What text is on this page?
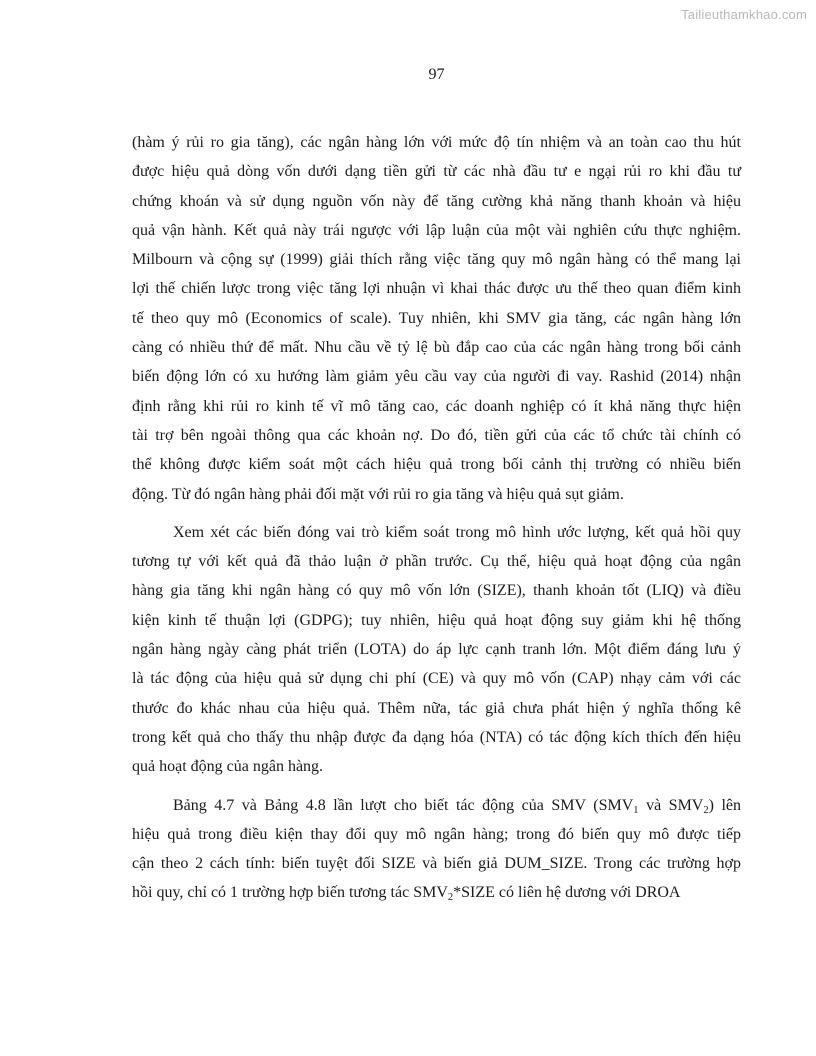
Tailieuthamkhao.com
97
(hàm ý rủi ro gia tăng), các ngân hàng lớn với mức độ tín nhiệm và an toàn cao thu hút
được hiệu quả dòng vốn dưới dạng tiền gửi từ các nhà đầu tư e ngại rủi ro khi đầu tư
chứng khoán và sử dụng nguồn vốn này để tăng cường khả năng thanh khoản và hiệu
quả vận hành. Kết quả này trái ngược với lập luận của một vài nghiên cứu thực nghiệm.
Milbourn và cộng sự (1999) giải thích rằng việc tăng quy mô ngân hàng có thể mang lại
lợi thế chiến lược trong việc tăng lợi nhuận vì khai thác được ưu thế theo quan điểm kinh
tế theo quy mô (Economics of scale). Tuy nhiên, khi SMV gia tăng, các ngân hàng lớn
càng có nhiều thứ để mất. Nhu cầu về tỷ lệ bù đắp cao của các ngân hàng trong bối cảnh
biến động lớn có xu hướng làm giảm yêu cầu vay của người đi vay. Rashid (2014) nhận
định rằng khi rủi ro kinh tế vĩ mô tăng cao, các doanh nghiệp có ít khả năng thực hiện
tài trợ bên ngoài thông qua các khoản nợ. Do đó, tiền gửi của các tổ chức tài chính có
thể không được kiểm soát một cách hiệu quả trong bối cảnh thị trường có nhiều biến
động. Từ đó ngân hàng phải đối mặt với rủi ro gia tăng và hiệu quả sụt giảm.
Xem xét các biến đóng vai trò kiểm soát trong mô hình ước lượng, kết quả hồi quy
tương tự với kết quả đã thảo luận ở phần trước. Cụ thể, hiệu quả hoạt động của ngân
hàng gia tăng khi ngân hàng có quy mô vốn lớn (SIZE), thanh khoản tốt (LIQ) và điều
kiện kinh tế thuận lợi (GDPG); tuy nhiên, hiệu quả hoạt động suy giảm khi hệ thống
ngân hàng ngày càng phát triển (LOTA) do áp lực cạnh tranh lớn. Một điểm đáng lưu ý
là tác động của hiệu quả sử dụng chi phí (CE) và quy mô vốn (CAP) nhạy cảm với các
thước đo khác nhau của hiệu quả. Thêm nữa, tác giả chưa phát hiện ý nghĩa thống kê
trong kết quả cho thấy thu nhập được đa dạng hóa (NTA) có tác động kích thích đến hiệu
quả hoạt động của ngân hàng.
Bảng 4.7 và Bảng 4.8 lần lượt cho biết tác động của SMV ($SMV_1$ và $SMV_2$) lên
hiệu quả trong điều kiện thay đổi quy mô ngân hàng; trong đó biến quy mô được tiếp
cận theo 2 cách tính: biến tuyệt đối SIZE và biến giả DUM_SIZE. Trong các trường hợp
hồi quy, chỉ có 1 trường hợp biến tương tác $SMV_2*SIZE$ có liên hệ dương với DROA
